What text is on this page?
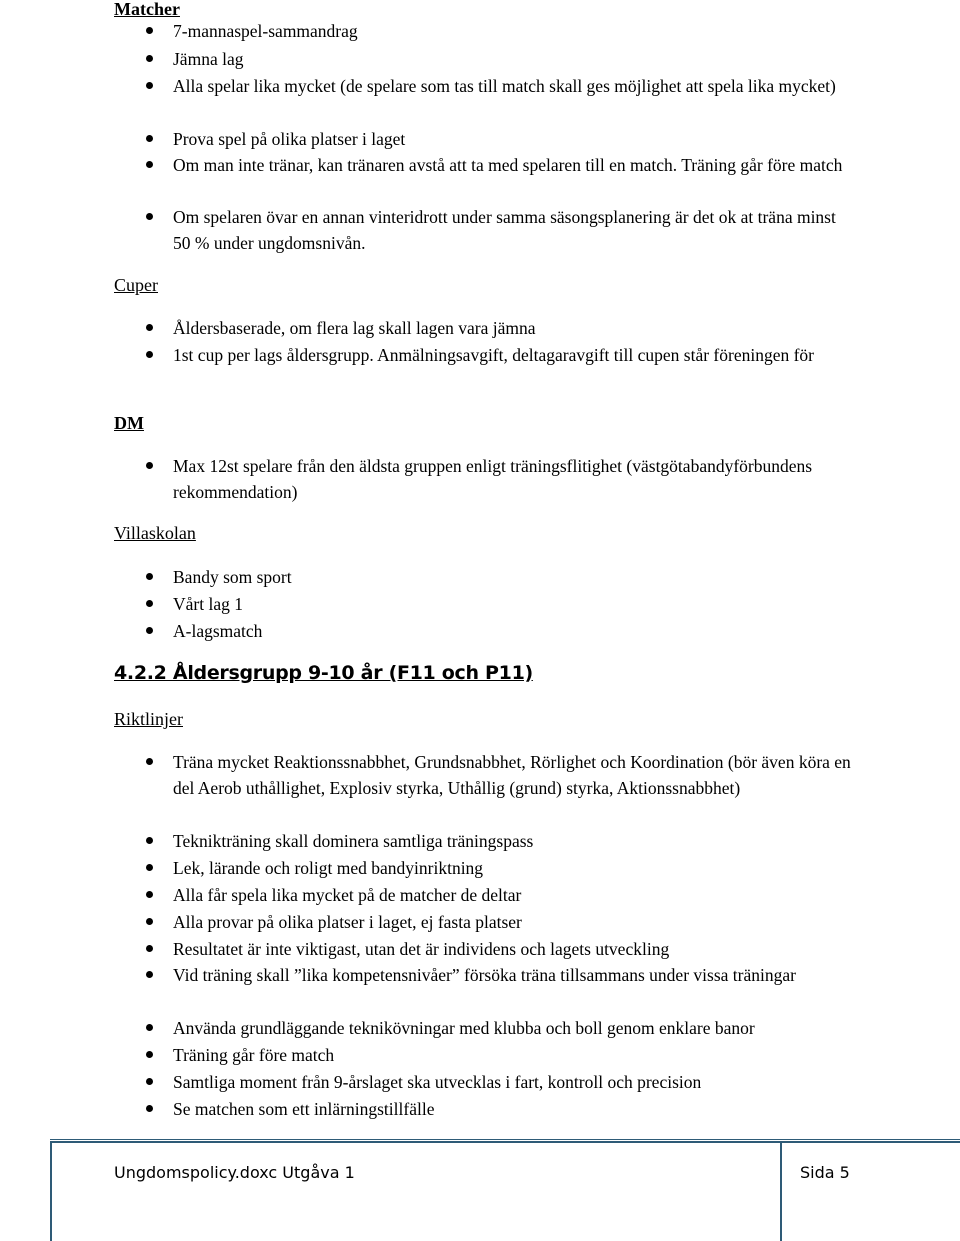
Matcher
7-mannaspel-sammandrag
Jämna lag
Alla spelar lika mycket (de spelare som tas till match skall ges möjlighet att spela lika mycket)
Prova spel på olika platser i laget
Om man inte tränar, kan tränaren avstå att ta med spelaren till en match. Träning går före match
Om spelaren övar en annan vinteridrott under samma säsongsplanering är det ok at träna minst 50 % under ungdomsnivån.
Cuper
Åldersbaserade, om flera lag skall lagen vara jämna
1st cup per lags åldersgrupp. Anmälningsavgift, deltagaravgift till cupen står föreningen för
DM
Max 12st spelare från den äldsta gruppen enligt träningsflitighet (västgötabandyförbundens rekommendation)
Villaskolan
Bandy som sport
Vårt lag 1
A-lagsmatch
4.2.2 Åldersgrupp 9-10 år (F11 och P11)
Riktlinjer
Träna mycket Reaktionssnabbhet, Grundsnabbhet, Rörlighet och Koordination (bör även köra en del Aerob uthållighet, Explosiv styrka, Uthållig (grund) styrka, Aktionssnabbhet)
Teknikträning skall dominera samtliga träningspass
Lek, lärande och roligt med bandyinriktning
Alla får spela lika mycket på de matcher de deltar
Alla provar på olika platser i laget, ej fasta platser
Resultatet är inte viktigast, utan det är individens och lagets utveckling
Vid träning skall ”lika kompetensnivåer” försöka träna tillsammans under vissa träningar
Använda grundläggande teknikövningar med klubba och boll genom enklare banor
Träning går före match
Samtliga moment från 9-årslaget ska utvecklas i fart, kontroll och precision
Se matchen som ett inlärningstillfälle
Ungdomspolicy.doxc Utgåva 1	Sida 5
